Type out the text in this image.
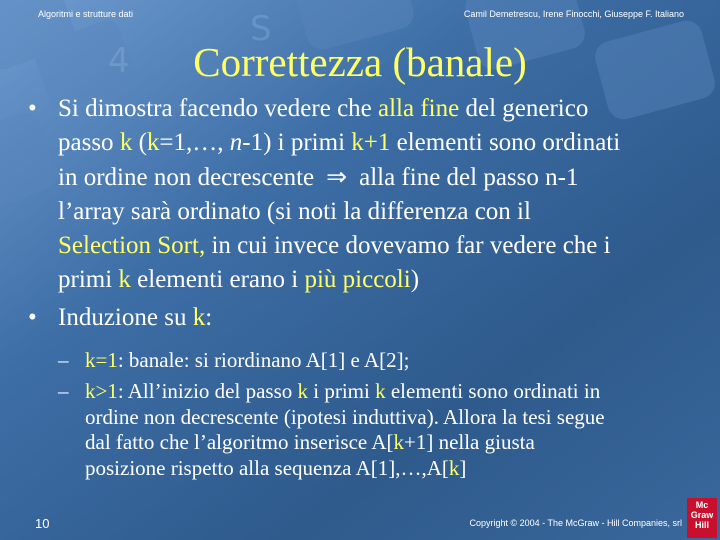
4
S
Algoritmi e strutture dati	Camil Demetrescu, Irene Finocchi, Giuseppe F. Italiano
Correttezza (banale)
• Si dimostra facendo vedere che alla fine del generico
passo k (k=1,…, n-1) i primi k+1 elementi sono ordinati
in ordine non decrescente ⇒ alla fine del passo n-1
l’array sarà ordinato (si noti la differenza con il
Selection Sort, in cui invece dovevamo far vedere che i
primi k elementi erano i più piccoli)
• Induzione su k:
– k=1: banale: si riordinano A[1] e A[2];
– k>1: All’inizio del passo k i primi k elementi sono ordinati in
ordine non decrescente (ipotesi induttiva). Allora la tesi segue
dal fatto che l’algoritmo inserisce A[k+1] nella giusta
posizione rispetto alla sequenza A[1],…,A[k]
10	Copyright © 2004 - The McGraw - Hill Companies, srl
Mc
Graw
Hill
